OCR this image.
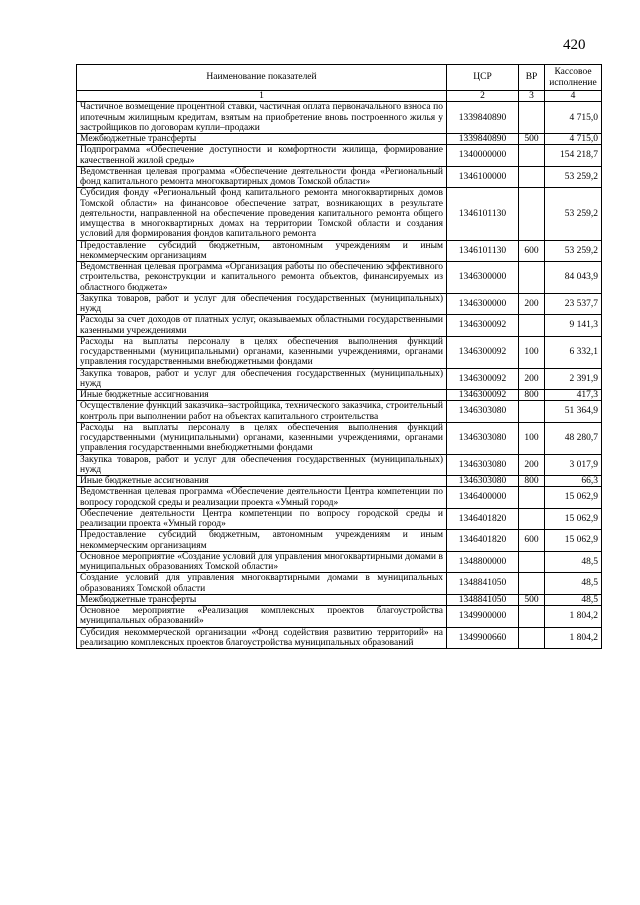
420
Наименование показателей	ЦСР	ВР	Кассовое исполнение
1	2	3	4
Частичное возмещение процентной ставки, частичная оплата первоначального взноса по ипотечным жилищным кредитам, взятым на приобретение вновь построенного жилья у застройщиков по договорам купли–продажи	1339840890		4 715,0
Межбюджетные трансферты	1339840890	500	4 715,0
Подпрограмма «Обеспечение доступности и комфортности жилища, формирование качественной жилой среды»	1340000000		154 218,7
Ведомственная целевая программа «Обеспечение деятельности фонда «Региональный фонд капитального ремонта многоквартирных домов Томской области»	1346100000		53 259,2
Субсидия фонду «Региональный фонд капитального ремонта многоквартирных домов Томской области» на финансовое обеспечение затрат, возникающих в результате деятельности, направленной на обеспечение проведения капитального ремонта общего имущества в многоквартирных домах на территории Томской области и создания условий для формирования фондов капитального ремонта	1346101130		53 259,2
Предоставление субсидий бюджетным, автономным учреждениям и иным некоммерческим организациям	1346101130	600	53 259,2
Ведомственная целевая программа «Организация работы по обеспечению эффективного строительства, реконструкции и капитального ремонта объектов, финансируемых из областного бюджета»	1346300000		84 043,9
Закупка товаров, работ и услуг для обеспечения государственных (муниципальных) нужд	1346300000	200	23 537,7
Расходы за счет доходов от платных услуг, оказываемых областными государственными казенными учреждениями	1346300092		9 141,3
Расходы на выплаты персоналу в целях обеспечения выполнения функций государственными (муниципальными) органами, казенными учреждениями, органами управления государственными внебюджетными фондами	1346300092	100	6 332,1
Закупка товаров, работ и услуг для обеспечения государственных (муниципальных) нужд	1346300092	200	2 391,9
Иные бюджетные ассигнования	1346300092	800	417,3
Осуществление функций заказчика–застройщика, технического заказчика, строительный контроль при выполнении работ на объектах капитального строительства	1346303080		51 364,9
Расходы на выплаты персоналу в целях обеспечения выполнения функций государственными (муниципальными) органами, казенными учреждениями, органами управления государственными внебюджетными фондами	1346303080	100	48 280,7
Закупка товаров, работ и услуг для обеспечения государственных (муниципальных) нужд	1346303080	200	3 017,9
Иные бюджетные ассигнования	1346303080	800	66,3
Ведомственная целевая программа «Обеспечение деятельности Центра компетенции по вопросу городской среды и реализации проекта «Умный город»	1346400000		15 062,9
Обеспечение деятельности Центра компетенции по вопросу городской среды и реализации проекта «Умный город»	1346401820		15 062,9
Предоставление субсидий бюджетным, автономным учреждениям и иным некоммерческим организациям	1346401820	600	15 062,9
Основное мероприятие «Создание условий для управления многоквартирными домами в муниципальных образованиях Томской области»	1348800000		48,5
Создание условий для управления многоквартирными домами в муниципальных образованиях Томской области	1348841050		48,5
Межбюджетные трансферты	1348841050	500	48,5
Основное мероприятие «Реализация комплексных проектов благоустройства муниципальных образований»	1349900000		1 804,2
Субсидия некоммерческой организации «Фонд содействия развитию территорий» на реализацию комплексных проектов благоустройства муниципальных образований	1349900660		1 804,2
